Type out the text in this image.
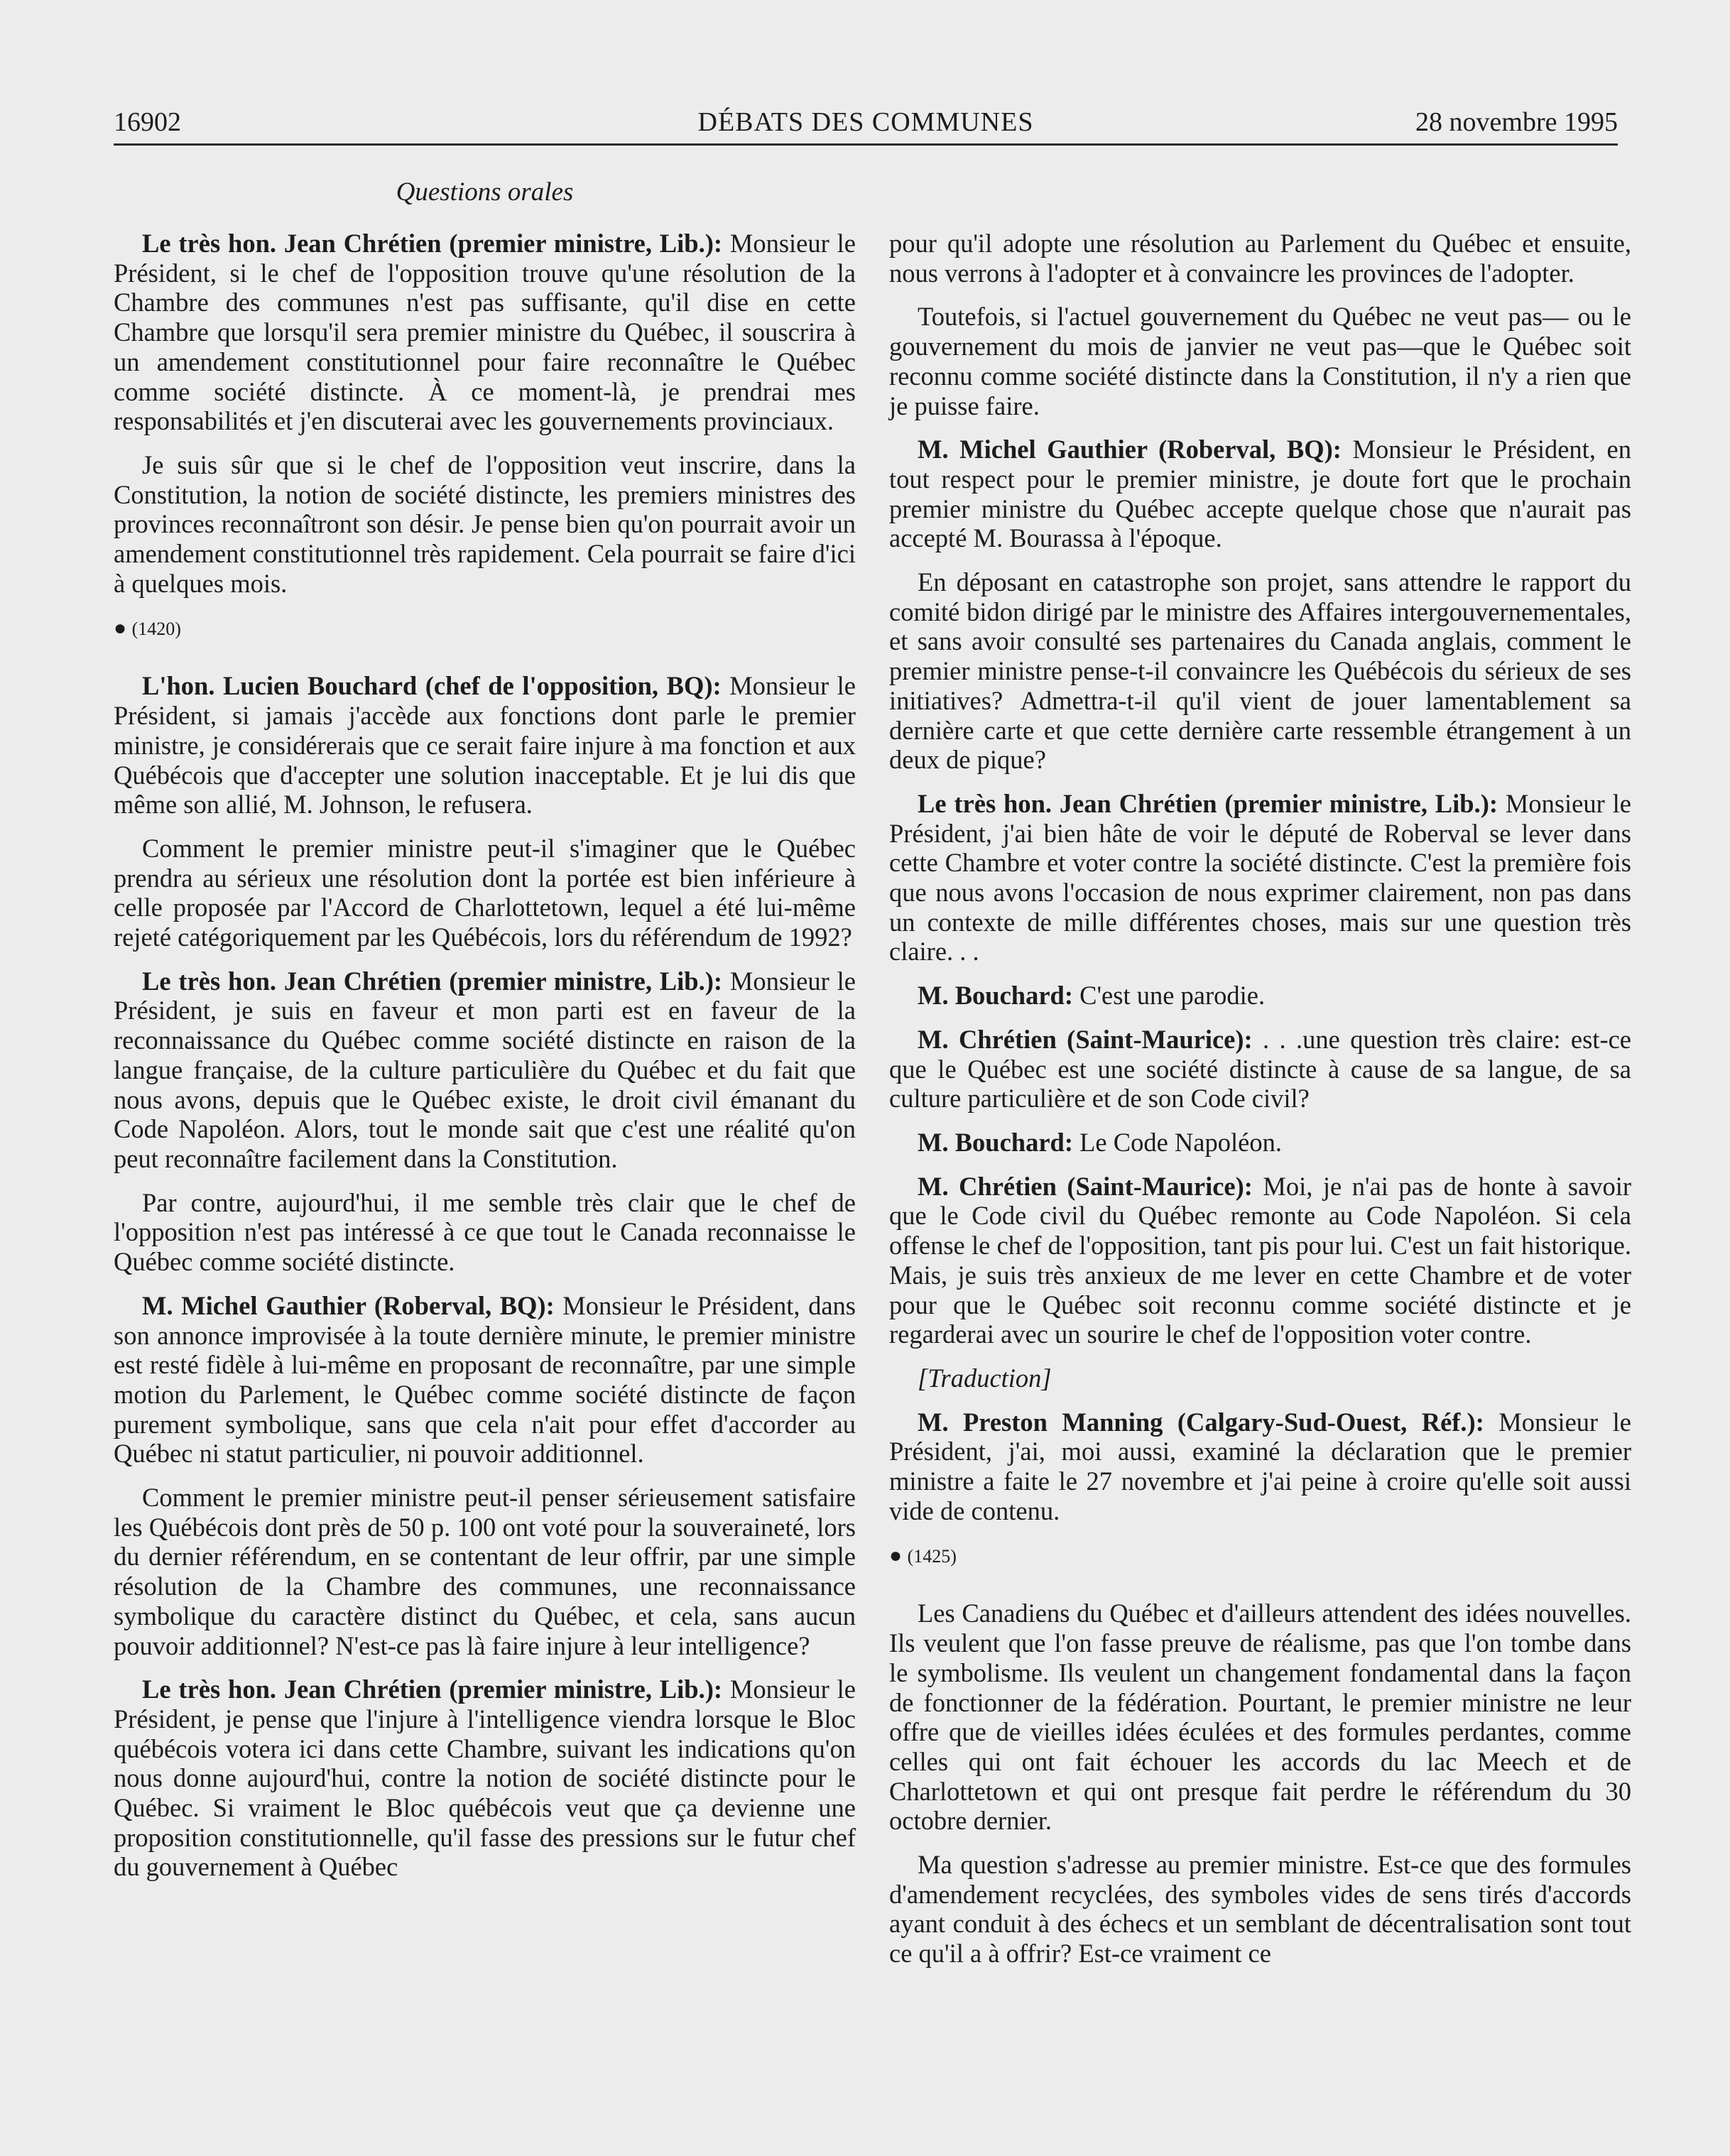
16902	DÉBATS DES COMMUNES	28 novembre 1995
Questions orales

Le très hon. Jean Chrétien (premier ministre, Lib.): Monsieur le Président, si le chef de l'opposition trouve qu'une résolution de la Chambre des communes n'est pas suffisante, qu'il dise en cette Chambre que lorsqu'il sera premier ministre du Québec, il souscrira à un amendement constitutionnel pour faire reconnaître le Québec comme société distincte. À ce moment-là, je prendrai mes responsabilités et j'en discuterai avec les gouvernements provinciaux.

Je suis sûr que si le chef de l'opposition veut inscrire, dans la Constitution, la notion de société distincte, les premiers ministres des provinces reconnaîtront son désir. Je pense bien qu'on pourrait avoir un amendement constitutionnel très rapidement. Cela pourrait se faire d'ici à quelques mois.

● (1420)

L'hon. Lucien Bouchard (chef de l'opposition, BQ): Monsieur le Président, si jamais j'accède aux fonctions dont parle le premier ministre, je considérerais que ce serait faire injure à ma fonction et aux Québécois que d'accepter une solution inacceptable. Et je lui dis que même son allié, M. Johnson, le refusera.

Comment le premier ministre peut-il s'imaginer que le Québec prendra au sérieux une résolution dont la portée est bien inférieure à celle proposée par l'Accord de Charlottetown, lequel a été lui-même rejeté catégoriquement par les Québécois, lors du référendum de 1992?

Le très hon. Jean Chrétien (premier ministre, Lib.): Monsieur le Président, je suis en faveur et mon parti est en faveur de la reconnaissance du Québec comme société distincte en raison de la langue française, de la culture particulière du Québec et du fait que nous avons, depuis que le Québec existe, le droit civil émanant du Code Napoléon. Alors, tout le monde sait que c'est une réalité qu'on peut reconnaître facilement dans la Constitution.

Par contre, aujourd'hui, il me semble très clair que le chef de l'opposition n'est pas intéressé à ce que tout le Canada reconnaisse le Québec comme société distincte.

M. Michel Gauthier (Roberval, BQ): Monsieur le Président, dans son annonce improvisée à la toute dernière minute, le premier ministre est resté fidèle à lui-même en proposant de reconnaître, par une simple motion du Parlement, le Québec comme société distincte de façon purement symbolique, sans que cela n'ait pour effet d'accorder au Québec ni statut particulier, ni pouvoir additionnel.

Comment le premier ministre peut-il penser sérieusement satisfaire les Québécois dont près de 50 p. 100 ont voté pour la souveraineté, lors du dernier référendum, en se contentant de leur offrir, par une simple résolution de la Chambre des communes, une reconnaissance symbolique du caractère distinct du Québec, et cela, sans aucun pouvoir additionnel? N'est-ce pas là faire injure à leur intelligence?

Le très hon. Jean Chrétien (premier ministre, Lib.): Monsieur le Président, je pense que l'injure à l'intelligence viendra lorsque le Bloc québécois votera ici dans cette Chambre, suivant les indications qu'on nous donne aujourd'hui, contre la notion de société distincte pour le Québec. Si vraiment le Bloc québécois veut que ça devienne une proposition constitutionnelle, qu'il fasse des pressions sur le futur chef du gouvernement à Québec

pour qu'il adopte une résolution au Parlement du Québec et ensuite, nous verrons à l'adopter et à convaincre les provinces de l'adopter.

Toutefois, si l'actuel gouvernement du Québec ne veut pas— ou le gouvernement du mois de janvier ne veut pas—que le Québec soit reconnu comme société distincte dans la Constitution, il n'y a rien que je puisse faire.

M. Michel Gauthier (Roberval, BQ): Monsieur le Président, en tout respect pour le premier ministre, je doute fort que le prochain premier ministre du Québec accepte quelque chose que n'aurait pas accepté M. Bourassa à l'époque.

En déposant en catastrophe son projet, sans attendre le rapport du comité bidon dirigé par le ministre des Affaires intergouvernementales, et sans avoir consulté ses partenaires du Canada anglais, comment le premier ministre pense-t-il convaincre les Québécois du sérieux de ses initiatives? Admettra-t-il qu'il vient de jouer lamentablement sa dernière carte et que cette dernière carte ressemble étrangement à un deux de pique?

Le très hon. Jean Chrétien (premier ministre, Lib.): Monsieur le Président, j'ai bien hâte de voir le député de Roberval se lever dans cette Chambre et voter contre la société distincte. C'est la première fois que nous avons l'occasion de nous exprimer clairement, non pas dans un contexte de mille différentes choses, mais sur une question très claire. . .

M. Bouchard: C'est une parodie.

M. Chrétien (Saint-Maurice): . . .une question très claire: est-ce que le Québec est une société distincte à cause de sa langue, de sa culture particulière et de son Code civil?

M. Bouchard: Le Code Napoléon.

M. Chrétien (Saint-Maurice): Moi, je n'ai pas de honte à savoir que le Code civil du Québec remonte au Code Napoléon. Si cela offense le chef de l'opposition, tant pis pour lui. C'est un fait historique. Mais, je suis très anxieux de me lever en cette Chambre et de voter pour que le Québec soit reconnu comme société distincte et je regarderai avec un sourire le chef de l'opposition voter contre.

[Traduction]

M. Preston Manning (Calgary-Sud-Ouest, Réf.): Monsieur le Président, j'ai, moi aussi, examiné la déclaration que le premier ministre a faite le 27 novembre et j'ai peine à croire qu'elle soit aussi vide de contenu.

● (1425)

Les Canadiens du Québec et d'ailleurs attendent des idées nouvelles. Ils veulent que l'on fasse preuve de réalisme, pas que l'on tombe dans le symbolisme. Ils veulent un changement fondamental dans la façon de fonctionner de la fédération. Pourtant, le premier ministre ne leur offre que de vieilles idées éculées et des formules perdantes, comme celles qui ont fait échouer les accords du lac Meech et de Charlottetown et qui ont presque fait perdre le référendum du 30 octobre dernier.

Ma question s'adresse au premier ministre. Est-ce que des formules d'amendement recyclées, des symboles vides de sens tirés d'accords ayant conduit à des échecs et un semblant de décentralisation sont tout ce qu'il a à offrir? Est-ce vraiment ce
